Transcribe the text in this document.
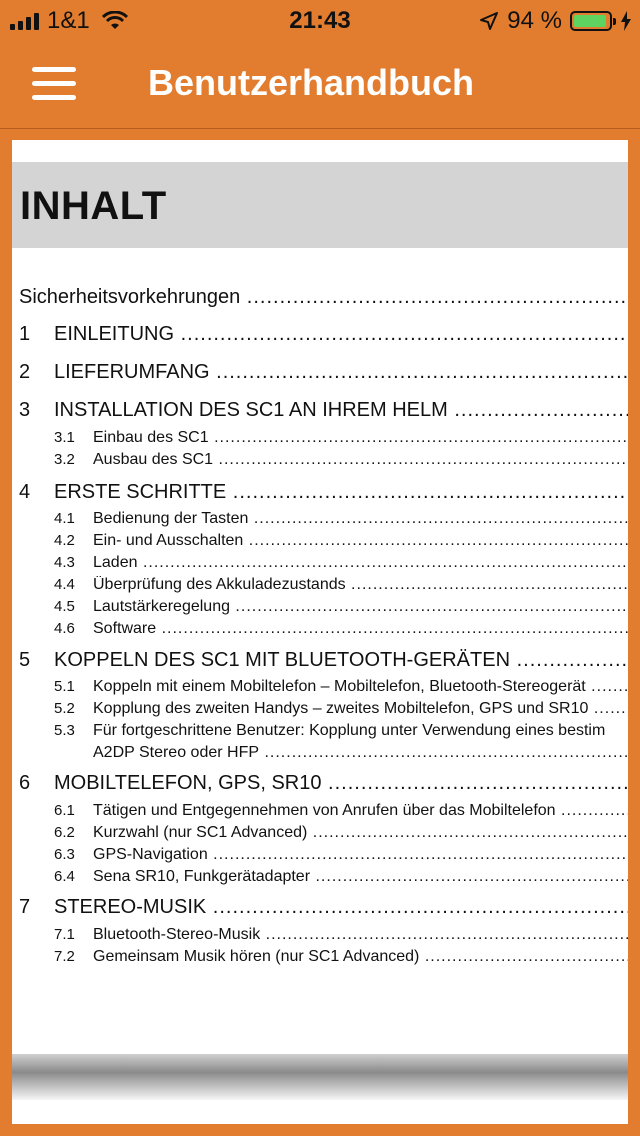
1&1	21:43	94 %
Benutzerhandbuch
INHALT
Sicherheitsvorkehrungen .....
1 EINLEITUNG .....
2 LIEFERUMFANG .....
3 INSTALLATION DES SC1 AN IHREM HELM .....
3.1 Einbau des SC1 .....
3.2 Ausbau des SC1 .....
4 ERSTE SCHRITTE .....
4.1 Bedienung der Tasten .....
4.2 Ein- und Ausschalten .....
4.3 Laden .....
4.4 Überprüfung des Akkuladezustands .....
4.5 Lautstärkeregelung .....
4.6 Software .....
5 KOPPELN DES SC1 MIT BLUETOOTH-GERÄTEN .....
5.1 Koppeln mit einem Mobiltelefon – Mobiltelefon, Bluetooth-Stereogerät .....
5.2 Kopplung des zweiten Handys – zweites Mobiltelefon, GPS und SR10 .....
5.3 Für fortgeschrittene Benutzer: Kopplung unter Verwendung eines bestim
A2DP Stereo oder HFP .....
6 MOBILTELEFON, GPS, SR10 .....
6.1 Tätigen und Entgegennehmen von Anrufen über das Mobiltelefon .....
6.2 Kurzwahl (nur SC1 Advanced) .....
6.3 GPS-Navigation .....
6.4 Sena SR10, Funkgerätadapter .....
7 STEREO-MUSIK .....
7.1 Bluetooth-Stereo-Musik .....
7.2 Gemeinsam Musik hören (nur SC1 Advanced) .....
